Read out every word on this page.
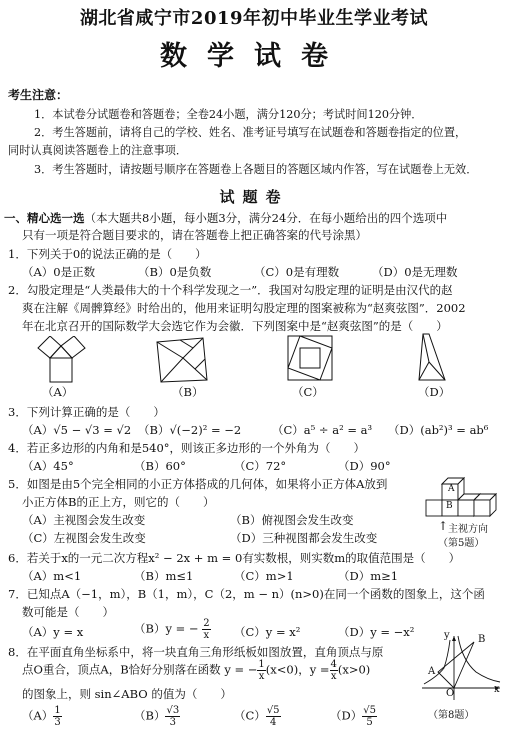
湖北省咸宁市2019年初中毕业生学业考试
数学试卷
考生注意：
1．本试卷分试题卷和答题卷；全卷24小题，满分120分；考试时间120分钟．
2．考生答题前，请将自己的学校、姓名、准考证号填写在试题卷和答题卷指定的位置，
同时认真阅读答题卷上的注意事项．
3．考生答题时，请按题号顺序在答题卷上各题目的答题区域内作答，写在试题卷上无效．
试题卷
一、精心选一选（本大题共8小题，每小题3分，满分24分．在每小题给出的四个选项中
只有一项是符合题目要求的，请在答题卷上把正确答案的代号涂黑）
1．下列关于0的说法正确的是（　　）
（A）0是正数	（B）0是负数	（C）0是有理数	（D）0是无理数
2．勾股定理是“人类最伟大的十个科学发现之一”．我国对勾股定理的证明是由汉代的赵
爽在注解《周髀算经》时给出的，他用来证明勾股定理的图案被称为“赵爽弦图”．2002
年在北京召开的国际数学大会选它作为会徽．下列图案中是“赵爽弦图”的是（　　）
（A）	（B）	（C）	（D）
3．下列计算正确的是（　　）
（A）√5 − √3 = √2 （B）√(−2)² = −2	（C）a⁵ ÷ a² = a³ （D）(ab²)³ = ab⁶
4．若正多边形的内角和是540°，则该正多边形的一个外角为（　　）
（A）45°	（B）60°	（C）72°	（D）90°
5．如图是由5个完全相同的小正方体搭成的几何体，如果将小正方体A放到
小正方体B的正上方，则它的（　　）
（A）主视图会发生改变	（B）俯视图会发生改变
（C）左视图会发生改变	（D）三种视图都会发生改变
A
B
↑ 主视方向
（第5题）
6．若关于x的一元二次方程x² − 2x + m = 0有实数根，则实数m的取值范围是（　　）
（A）m<1	（B）m≤1	（C）m>1	（D）m≥1
7．已知点A（−1，m），B（1，m），C（2，m − n）(n>0)在同一个函数的图象上，这个函
数可能是（　　）
（A）y = x	（B）y = − $\frac{2}{x} (C)y = x^2$	（D）y = −x²
8．在平面直角坐标系中，将一块直角三角形纸板如图放置，直角顶点与原
点O重合，顶点A，B恰好分别落在函数 y = − $\frac{1}{x} (x<0)$，$y = \frac{4}{x} (x>0)$
的图象上，则 sin∠ABO 的值为（　　）
$(A) \frac{1}{3}$	$(B) \frac{√3}{3}$	$(C) \frac{√5}{4}$	$(D) \frac{√5}{5}$
A
B
O	x
y
（第8题）
